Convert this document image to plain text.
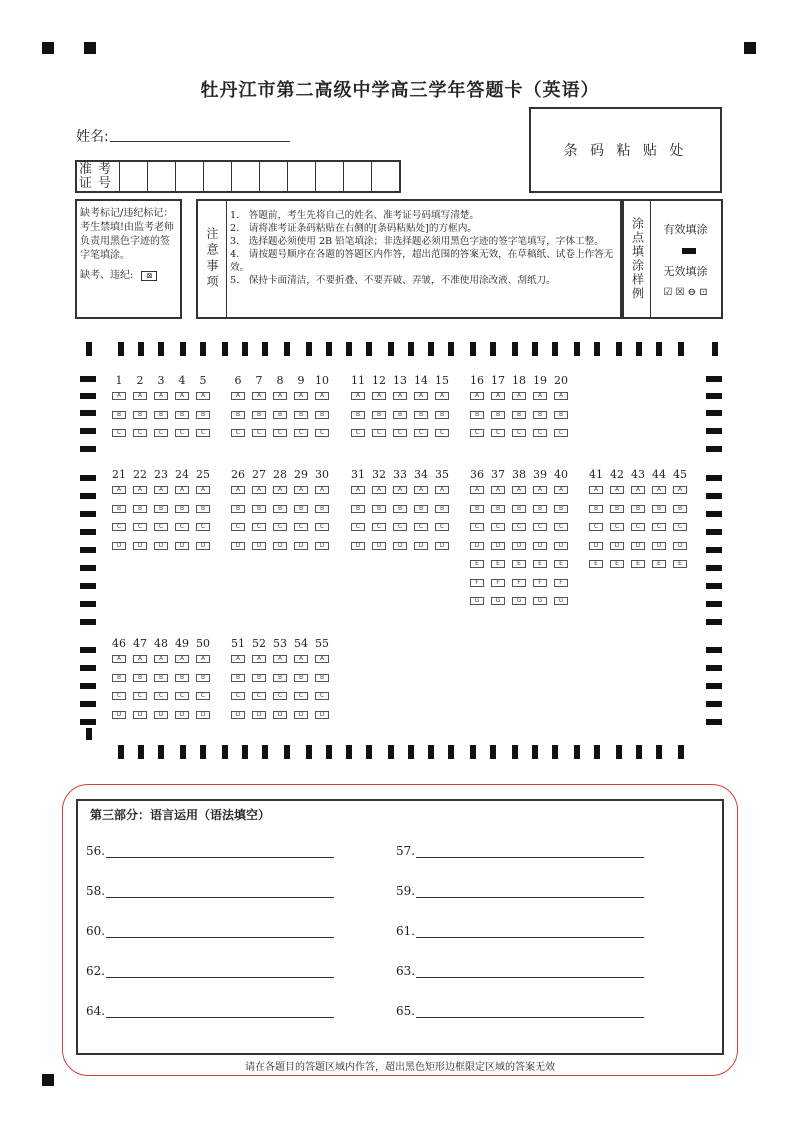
牡丹江市第二高级中学高三学年答题卡（英语）
姓名:
条 码 粘 贴 处
准考
证号
缺考标记/违纪标记：考生禁填!由监考老师负责用黑色字迹的签字笔填涂。
缺考、违纪: ⊠	注意事项
1.　答题前，考生先将自己的姓名、准考证号码填写清楚。
2.　请将准考证条码粘贴在右侧的[条码粘贴处]的方框内。
3.　选择题必须使用 2B 铅笔填涂；非选择题必须用黑色字迹的签字笔填写，字体工整。
4.　请按题号顺序在各题的答题区内作答，超出范围的答案无效，在草稿纸、试卷上作答无效。
5.　保持卡面清洁，不要折叠、不要弄破、弄皱，不准使用涂改液、刮纸刀。	涂点填涂样例	有效填涂
无效填涂
☑ ☒ ⊖ ⊡
1
A
B
C
2
A
B
C
3
A
B
C
4
A
B
C
5
A
B
C
6
A
B
C
7
A
B
C
8
A
B
C
9
A
B
C
10
A
B
C
11
A
B
C
12
A
B
C
13
A
B
C
14
A
B
C
15
A
B
C
16
A
B
C
17
A
B
C
18
A
B
C
19
A
B
C
20
A
B
C
21
A
B
C
D
22
A
B
C
D
23
A
B
C
D
24
A
B
C
D
25
A
B
C
D
26
A
B
C
D
27
A
B
C
D
28
A
B
C
D
29
A
B
C
D
30
A
B
C
D
31
A
B
C
D
32
A
B
C
D
33
A
B
C
D
34
A
B
C
D
35
A
B
C
D
36
A
B
C
D
E
F
G
37
A
B
C
D
E
F
G
38
A
B
C
D
E
F
G
39
A
B
C
D
E
F
G
40
A
B
C
D
E
F
G
41
A
B
C
D
E
42
A
B
C
D
E
43
A
B
C
D
E
44
A
B
C
D
E
45
A
B
C
D
E
46
A
B
C
D
47
A
B
C
D
48
A
B
C
D
49
A
B
C
D
50
A
B
C
D
51
A
B
C
D
52
A
B
C
D
53
A
B
C
D
54
A
B
C
D
55
A
B
C
D
第三部分：语言运用（语法填空）
56.	57.
58.	59.
60.	61.
62.	63.
64.	65.
请在各题目的答题区域内作答，超出黑色矩形边框限定区域的答案无效
